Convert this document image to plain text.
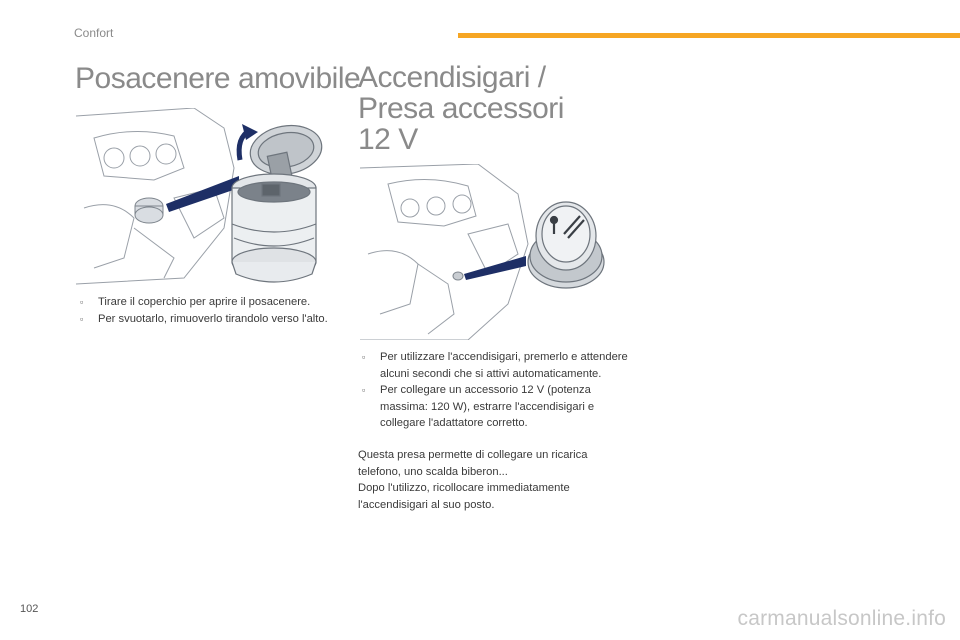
Confort
Posacenere amovibile
▫ Tirare il coperchio per aprire il posacenere.
▫ Per svuotarlo, rimuoverlo tirandolo verso l'alto.
Accendisigari /
Presa accessori
12 V
▫ Per utilizzare l'accendisigari, premerlo e attendere alcuni secondi che si attivi automaticamente.
▫ Per collegare un accessorio 12 V (potenza massima: 120 W), estrarre l'accendisigari e collegare l'adattatore corretto.

Questa presa permette di collegare un ricarica telefono, uno scalda biberon...

Dopo l'utilizzo, ricollocare immediatamente l'accendisigari al suo posto.

102	carmanualsonline.info
